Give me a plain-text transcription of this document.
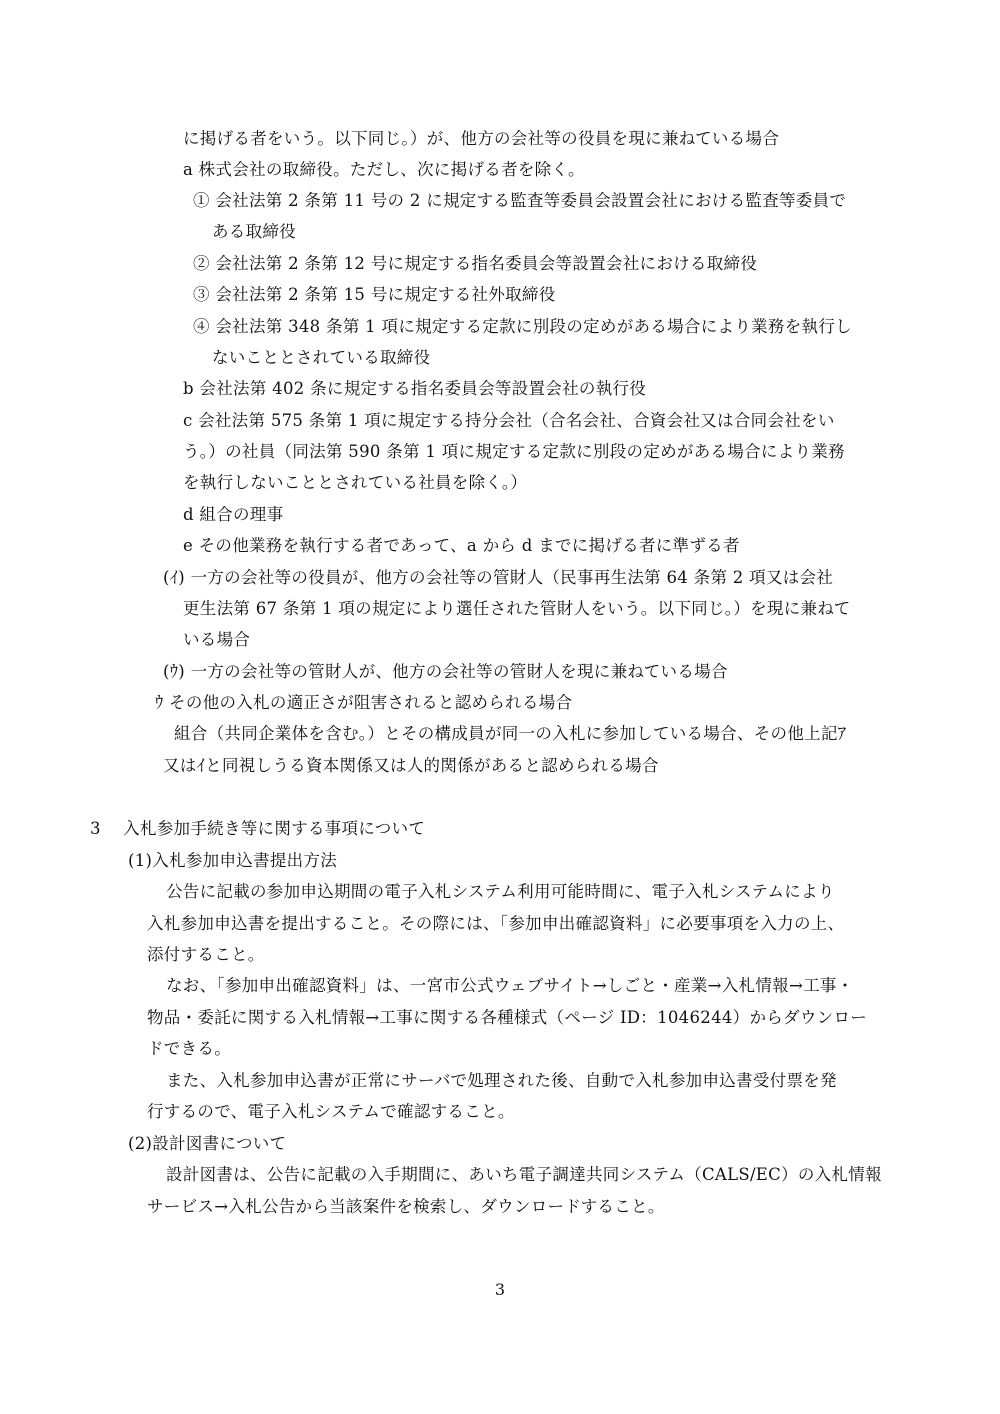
に掲げる者をいう。以下同じ。）が、他方の会社等の役員を現に兼ねている場合
a 株式会社の取締役。ただし、次に掲げる者を除く。
① 会社法第 2 条第 11 号の 2 に規定する監査等委員会設置会社における監査等委員で
ある取締役
② 会社法第 2 条第 12 号に規定する指名委員会等設置会社における取締役
③ 会社法第 2 条第 15 号に規定する社外取締役
④ 会社法第 348 条第 1 項に規定する定款に別段の定めがある場合により業務を執行し
ないこととされている取締役
b 会社法第 402 条に規定する指名委員会等設置会社の執行役
c 会社法第 575 条第 1 項に規定する持分会社（合名会社、合資会社又は合同会社をい
う。）の社員（同法第 590 条第 1 項に規定する定款に別段の定めがある場合により業務
を執行しないこととされている社員を除く。）
d 組合の理事
e その他業務を執行する者であって、a から d までに掲げる者に準ずる者
(ｲ) 一方の会社等の役員が、他方の会社等の管財人（民事再生法第 64 条第 2 項又は会社
更生法第 67 条第 1 項の規定により選任された管財人をいう。以下同じ。）を現に兼ねて
いる場合
(ｳ) 一方の会社等の管財人が、他方の会社等の管財人を現に兼ねている場合
ｳ その他の入札の適正さが阻害されると認められる場合
組合（共同企業体を含む。）とその構成員が同一の入札に参加している場合、その他上記ｱ
又はｲと同視しうる資本関係又は人的関係があると認められる場合
3　 入札参加手続き等に関する事項について
(1)入札参加申込書提出方法
公告に記載の参加申込期間の電子入札システム利用可能時間に、電子入札システムにより
入札参加申込書を提出すること。その際には、「参加申出確認資料」に必要事項を入力の上、
添付すること。
なお、「参加申出確認資料」は、一宮市公式ウェブサイト→しごと・産業→入札情報→工事・
物品・委託に関する入札情報→工事に関する各種様式（ページ ID：1046244）からダウンロー
ドできる。
また、入札参加申込書が正常にサーバで処理された後、自動で入札参加申込書受付票を発
行するので、電子入札システムで確認すること。
(2)設計図書について
設計図書は、公告に記載の入手期間に、あいち電子調達共同システム（CALS/EC）の入札情報
サービス→入札公告から当該案件を検索し、ダウンロードすること。
3
